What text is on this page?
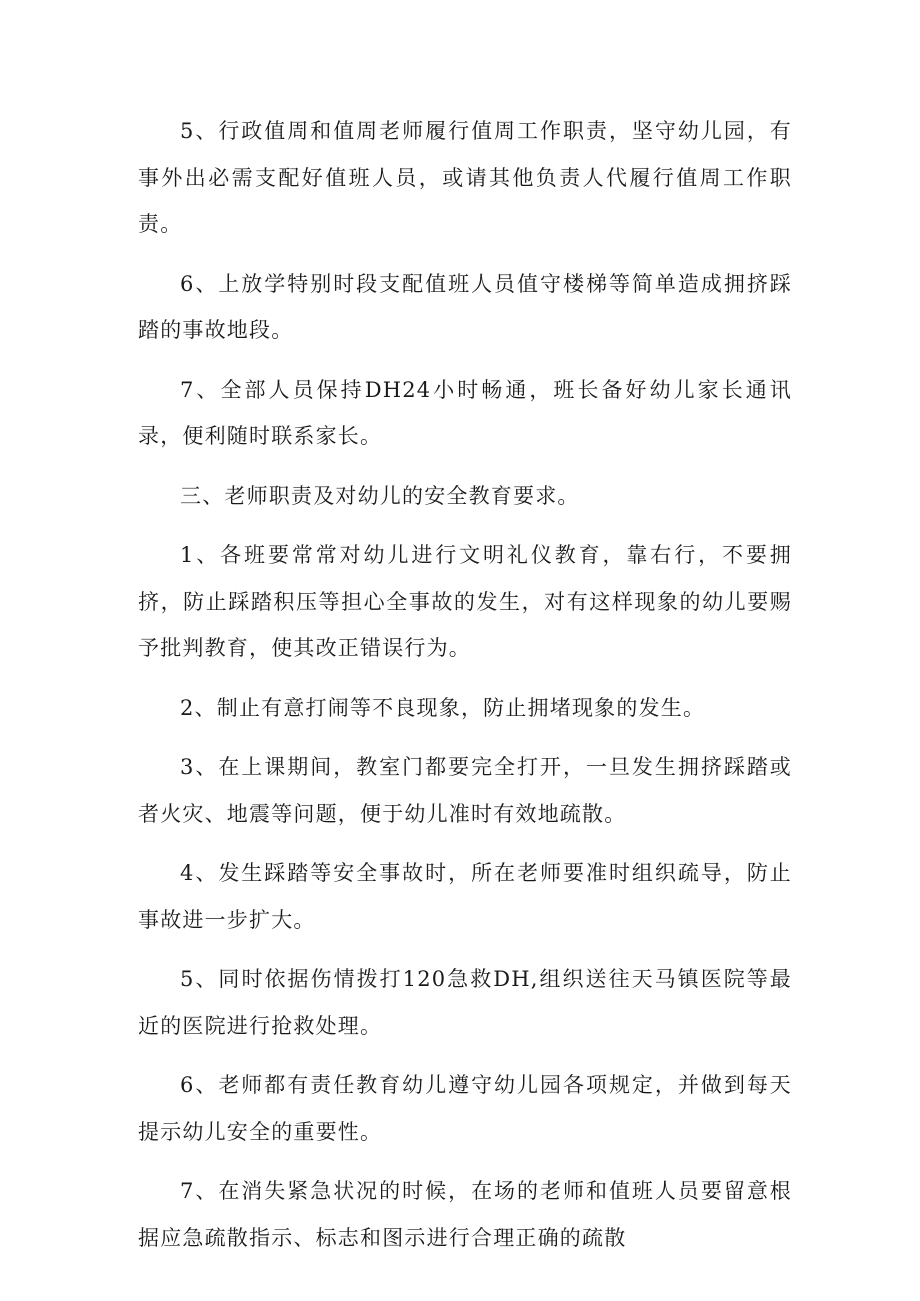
5、行政值周和值周老师履行值周工作职责，坚守幼儿园，有事外出必需支配好值班人员，或请其他负责人代履行值周工作职责。

6、上放学特别时段支配值班人员值守楼梯等简单造成拥挤踩踏的事故地段。

7、全部人员保持DH24小时畅通，班长备好幼儿家长通讯录，便利随时联系家长。

三、老师职责及对幼儿的安全教育要求。

1、各班要常常对幼儿进行文明礼仪教育，靠右行，不要拥挤，防止踩踏积压等担心全事故的发生，对有这样现象的幼儿要赐予批判教育，使其改正错误行为。

2、制止有意打闹等不良现象，防止拥堵现象的发生。

3、在上课期间，教室门都要完全打开，一旦发生拥挤踩踏或者火灾、地震等问题，便于幼儿准时有效地疏散。

4、发生踩踏等安全事故时，所在老师要准时组织疏导，防止事故进一步扩大。

5、同时依据伤情拨打120急救DH,组织送往天马镇医院等最近的医院进行抢救处理。

6、老师都有责任教育幼儿遵守幼儿园各项规定，并做到每天提示幼儿安全的重要性。

7、在消失紧急状况的时候，在场的老师和值班人员要留意根据应急疏散指示、标志和图示进行合理正确的疏散
